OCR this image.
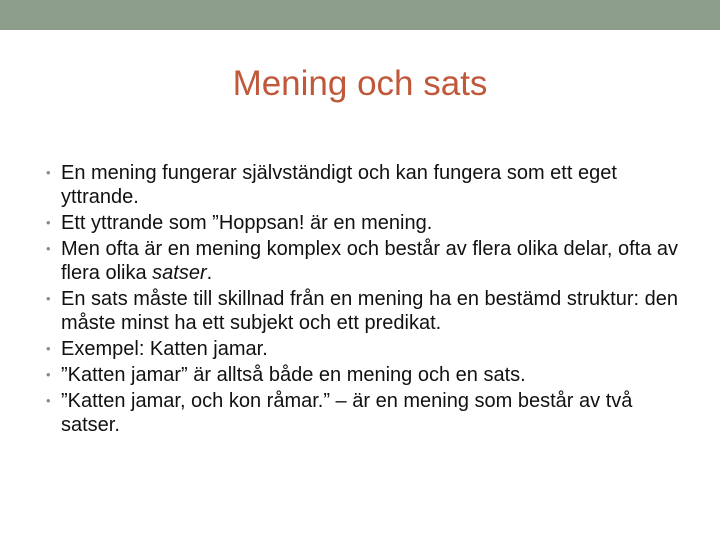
Mening och sats
• En mening fungerar självständigt och kan fungera som ett eget yttrande.
• Ett yttrande som ”Hoppsan! är en mening.
• Men ofta är en mening komplex och består av flera olika delar, ofta av flera olika satser.
• En sats måste till skillnad från en mening ha en bestämd struktur: den måste minst ha ett subjekt och ett predikat.
• Exempel: Katten jamar.
• ”Katten jamar” är alltså både en mening och en sats.
• ”Katten jamar, och kon råmar.” – är en mening som består av två satser.
